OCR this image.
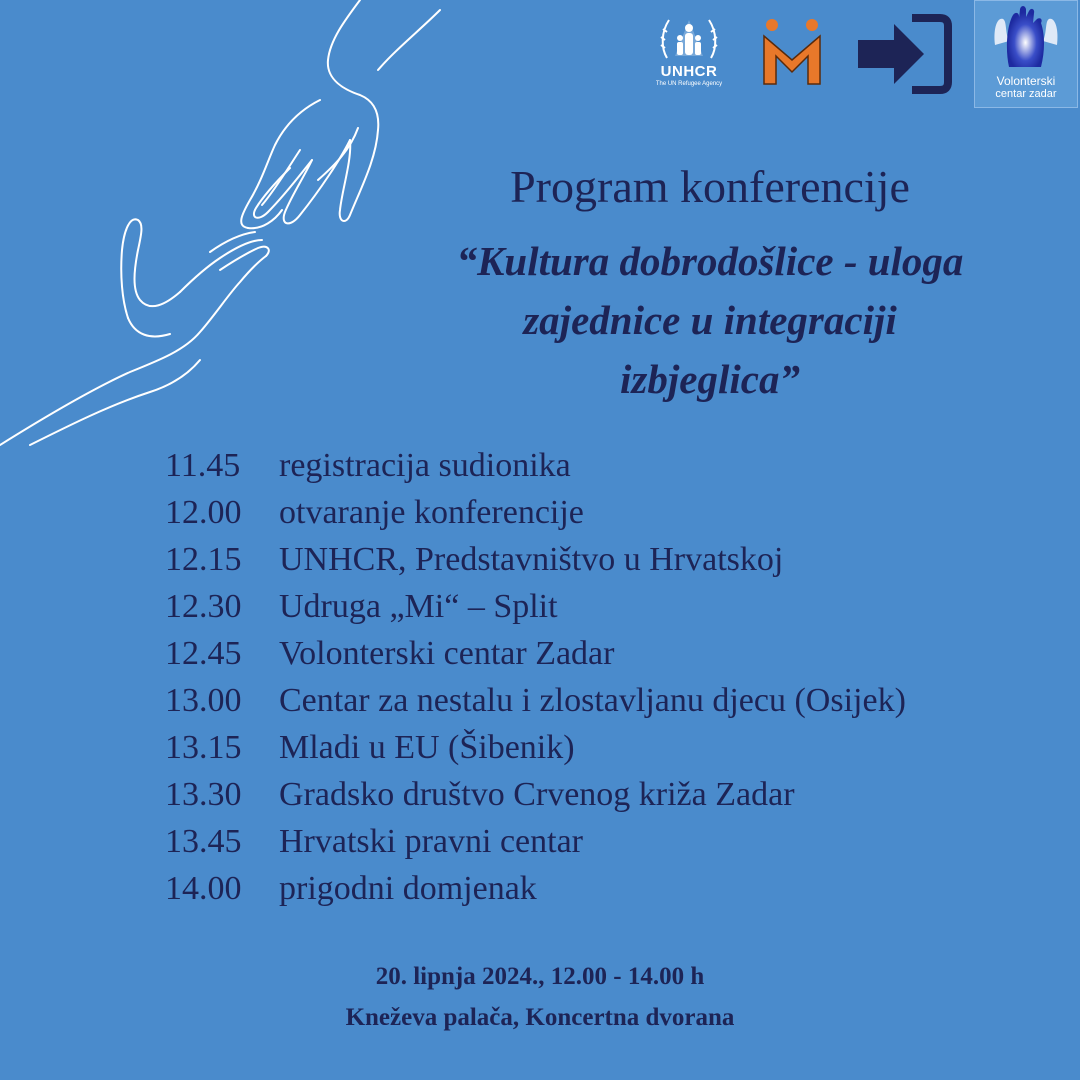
UNHCR
The UN Refugee Agency	Volonterski
centar zadar
Program konferencije
“Kultura dobrodošlice - uloga
zajednice u integraciji
izbjeglica”
11.45	registracija sudionika
12.00	otvaranje konferencije
12.15	UNHCR, Predstavništvo u Hrvatskoj
12.30	Udruga „Mi“ – Split
12.45	Volonterski centar Zadar
13.00	Centar za nestalu i zlostavljanu djecu (Osijek)
13.15	Mladi u EU (Šibenik)
13.30	Gradsko društvo Crvenog križa Zadar
13.45	Hrvatski pravni centar
14.00	prigodni domjenak
20. lipnja 2024., 12.00 - 14.00 h
Kneževa palača, Koncertna dvorana
